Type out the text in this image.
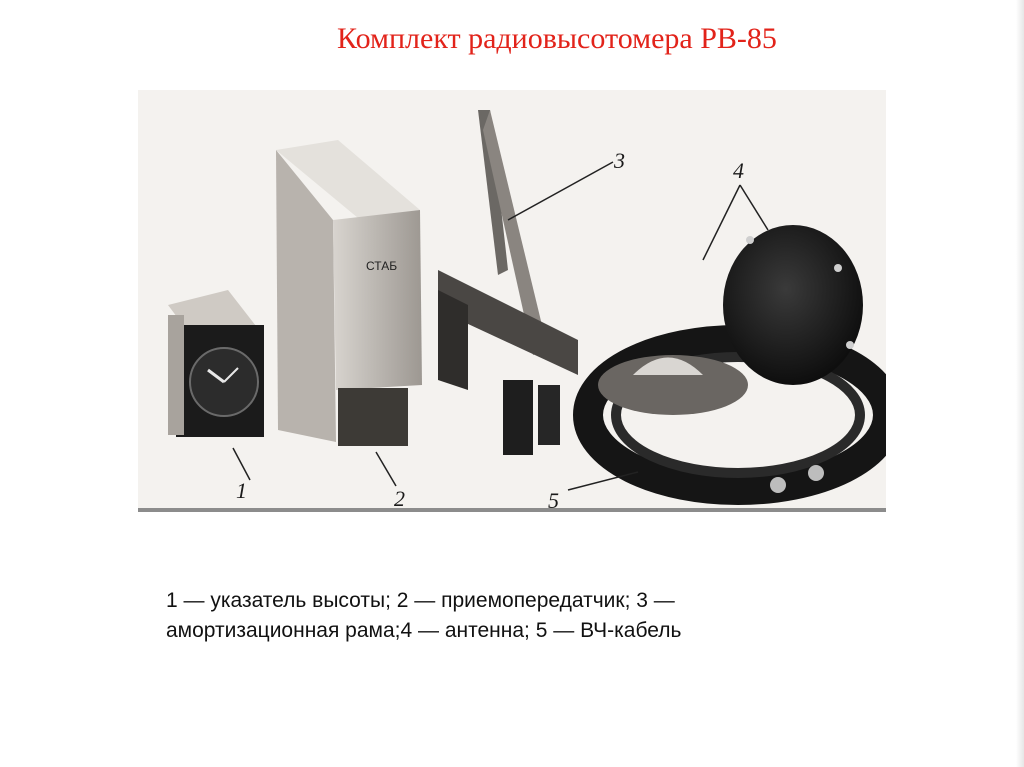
Комплект радиовысотомера РВ-85
СТАБ
1	2
3	4
5
1 — указатель высоты; 2 — приемопередатчик; 3 —
амортизационная рама;4 — антенна; 5 — ВЧ-кабель
